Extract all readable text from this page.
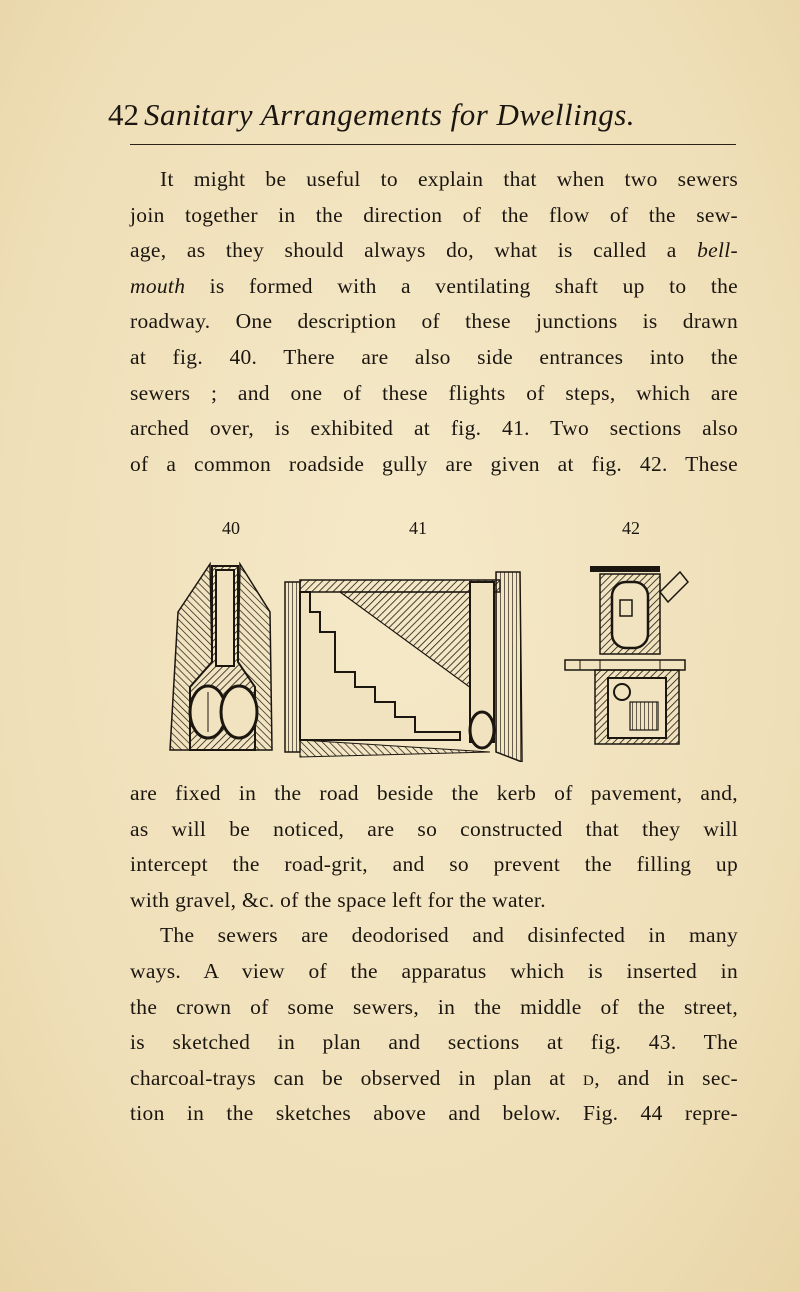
42 Sanitary Arrangements for Dwellings.
It might be useful to explain that when two sewers
join together in the direction of the flow of the sew-
age, as they should always do, what is called a bell-
mouth is formed with a ventilating shaft up to the
roadway. One description of these junctions is drawn
at fig. 40. There are also side entrances into the
sewers ; and one of these flights of steps, which are
arched over, is exhibited at fig. 41. Two sections also
of a common roadside gully are given at fig. 42. These
40	41	42
are fixed in the road beside the kerb of pavement, and,
as will be noticed, are so constructed that they will
intercept the road-grit, and so prevent the filling up
with gravel, &c. of the space left for the water.
The sewers are deodorised and disinfected in many
ways. A view of the apparatus which is inserted in
the crown of some sewers, in the middle of the street,
is sketched in plan and sections at fig. 43. The
charcoal-trays can be observed in plan at d, and in sec-
tion in the sketches above and below. Fig. 44 repre-
